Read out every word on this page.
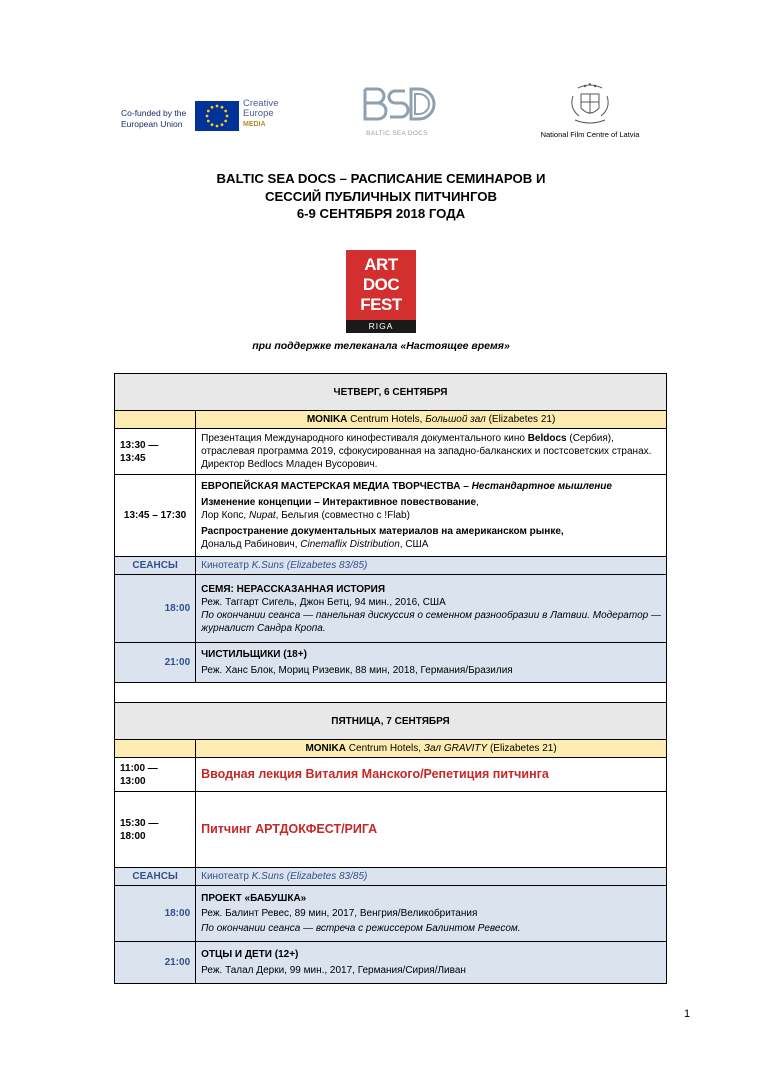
Co-funded by the European Union
Creative Europe
MEDIA
BALTIC SEA DOCS	National Film Centre of Latvia
BALTIC SEA DOCS – РАСПИСАНИЕ СЕМИНАРОВ И
СЕССИЙ ПУБЛИЧНЫХ ПИТЧИНГОВ
6-9 СЕНТЯБРЯ 2018 ГОДА
ART
DOC
FEST
RIGA
при поддержке телеканала «Настоящее время»
ЧЕТВЕРГ, 6 СЕНТЯБРЯ	
	MONIKA Centrum Hotels, Большой зал (Elizabetes 21)
13:30 —
13:45	Презентация Международного кинофестиваля документального кино Beldocs (Сербия), отраслевая программа 2019, сфокусированная на западно-балканских и постсоветских странах. Директор Bedlocs Младен Вусорович.
13:45 – 17:30	ЕВРОПЕЙСКАЯ МАСТЕРСКАЯ МЕДИА ТВОРЧЕСТВА – Нестандартное мышление
Изменение концепции – Интерактивное повествование,
Лор Копс, Nupat, Бельгия (совместно с !Flab)
Распространение документальных материалов на американском рынке,
Дональд Рабинович, Cinemaflix Distribution, США

СЕАНСЫ	Кинотеатр K.Suns (Elizabetes 83/85)
18:00	СЕМЯ: НЕРАССКАЗАННАЯ ИСТОРИЯ
Реж. Таггарт Сигель, Джон Бетц, 94 мин., 2016, США
По окончании сеанса — панельная дискуссия о семенном разнообразии в Латвии. Модератор — журналист Сандра Кропа.

21:00	ЧИСТИЛЬЩИКИ (18+)
Реж. Ханс Блок, Мориц Ризевик, 88 мин, 2018, Германия/Бразилия

ПЯТНИЦА, 7 СЕНТЯБРЯ	
	MONIKA Centrum Hotels, Зал GRAVITY (Elizabetes 21)
11:00 —
13:00	Вводная лекция Виталия Манского/Репетиция питчинга
15:30 —
18:00	Питчинг АРТДОКФЕСТ/РИГА
СЕАНСЫ	Кинотеатр K.Suns (Elizabetes 83/85)
18:00	ПРОЕКТ «БАБУШКА»
Реж. Балинт Ревес, 89 мин, 2017, Венгрия/Великобритания
По окончании сеанса — встреча с режиссером Балинтом Ревесом.

21:00	ОТЦЫ И ДЕТИ (12+)
Реж. Талал Дерки, 99 мин., 2017, Германия/Сирия/Ливан
1
